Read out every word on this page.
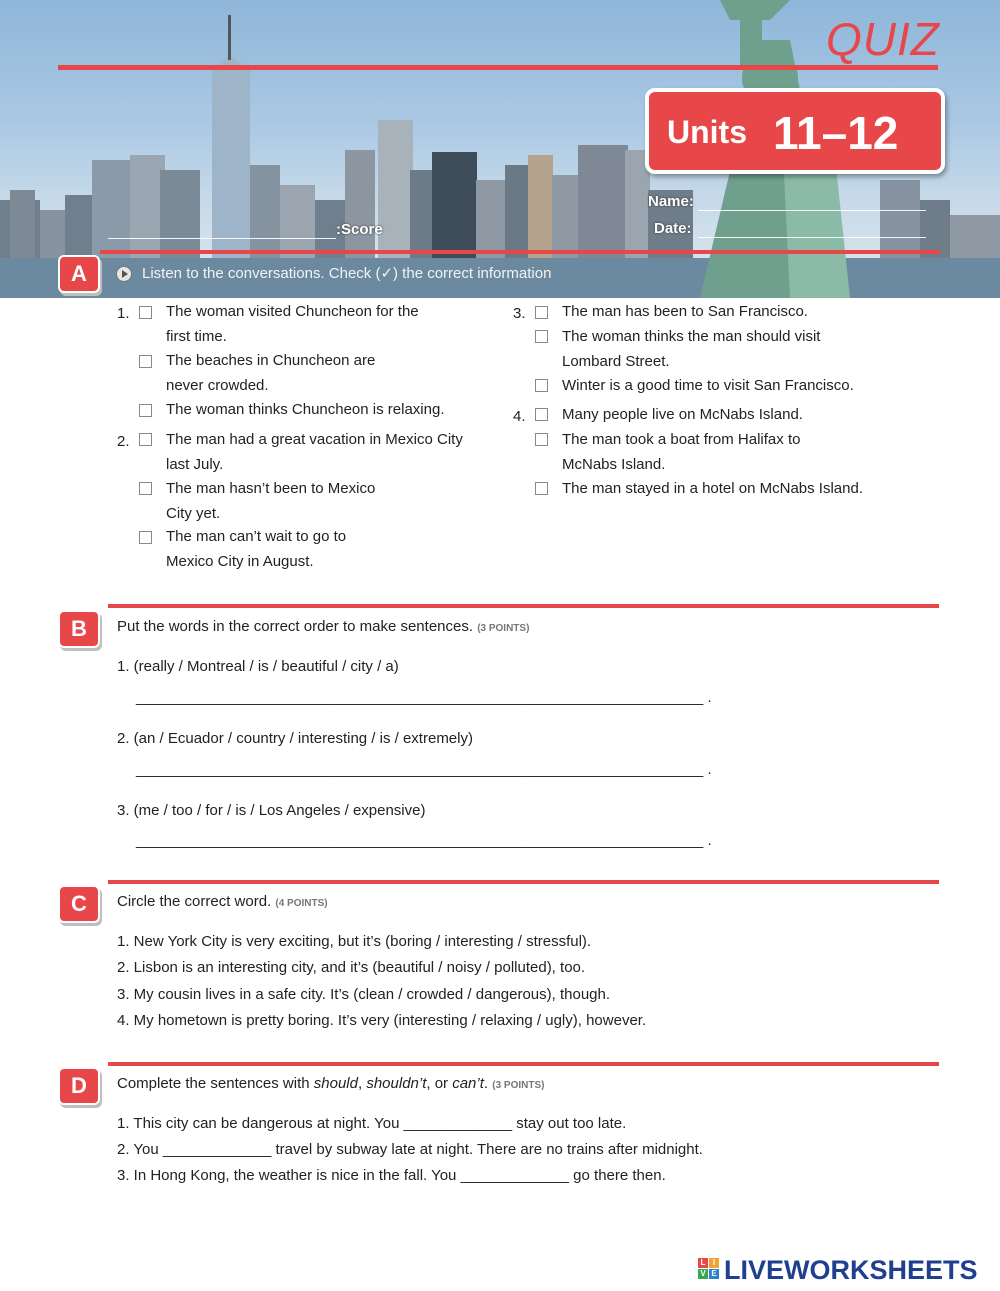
QUIZ
Units 11–12
Name:
Date:
:Score
A	Listen to the conversations. Check (✓) the correct information
1. The woman visited Chuncheon for the
first time.
The beaches in Chuncheon are
never crowded.
The woman thinks Chuncheon is relaxing.
2. The man had a great vacation in Mexico City
last July.
The man hasn’t been to Mexico
City yet.
The man can’t wait to go to
Mexico City in August.
3. The man has been to San Francisco.
The woman thinks the man should visit
Lombard Street.
Winter is a good time to visit San Francisco.
4. Many people live on McNabs Island.
The man took a boat from Halifax to
McNabs Island.
The man stayed in a hotel on McNabs Island.
B	Put the words in the correct order to make sentences. (3 POINTS)
1. (really / Montreal / is / beautiful / city / a)
____________________________________________________________________ .
2. (an / Ecuador / country / interesting / is / extremely)
____________________________________________________________________ .
3. (me / too / for / is / Los Angeles / expensive)
____________________________________________________________________ .
C	Circle the correct word. (4 POINTS)
1. New York City is very exciting, but it’s (boring / interesting / stressful).
2. Lisbon is an interesting city, and it’s (beautiful / noisy / polluted), too.
3. My cousin lives in a safe city. It’s (clean / crowded / dangerous), though.
4. My hometown is pretty boring. It’s very (interesting / relaxing / ugly), however.
D	Complete the sentences with should, shouldn’t, or can’t. (3 POINTS)
1. This city can be dangerous at night. You _____________ stay out too late.
2. You _____________ travel by subway late at night. There are no trains after midnight.
3. In Hong Kong, the weather is nice in the fall. You _____________ go there then.
L I
V E LIVEWORKSHEETS
